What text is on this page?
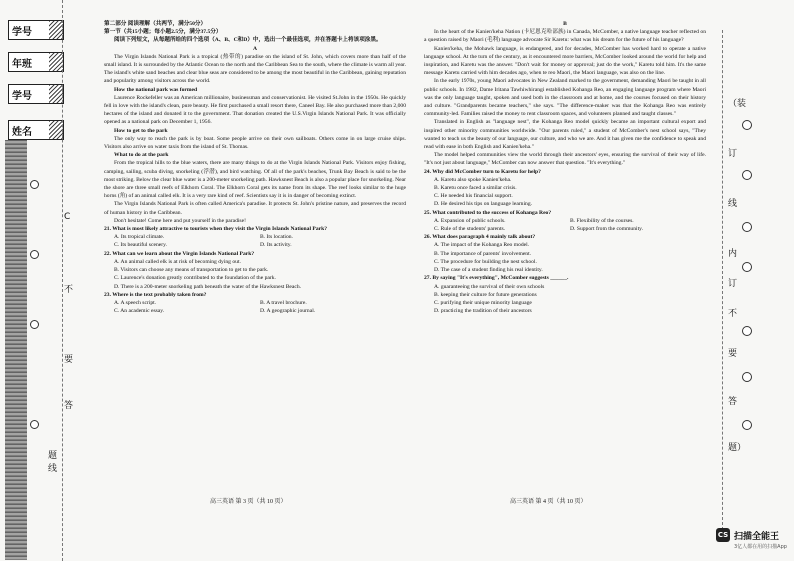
学号
年班
学号
姓名
C
不
要
答
题线

第二部分 阅读理解（共两节，满分50分）

第一节（共15小题；每小题2.5分，满分37.5分）

阅读下列短文，从每题所给的四个选项（A、B、C和D）中，选出一个最佳选项，并在答题卡上将该项涂黑。

A

The Virgin Islands National Park is a tropical (热带的) paradise on the island of St. John, which covers more than half of the small island. It is surrounded by the Atlantic Ocean to the north and the Caribbean Sea to the south, where the climate is warm all year. The island's white sand beaches and clear blue seas are considered to be among the most beautiful in the Caribbean, gaining reputation and popularity among visitors across the world.

How the national park was formed

Laurence Rockefeller was an American millionaire, businessman and conservationist. He visited St.John in the 1950s. He quickly fell in love with the island's clean, pure beauty. He first purchased a small resort there, Caneel Bay. He also purchased more than 2,000 hectares of the island and donated it to the government. That donation created the U.S.Virgin Islands National Park. It was officially opened as a national park on December 1, 1956.

How to get to the park

The only way to reach the park is by boat. Some people arrive on their own sailboats. Others come in on large cruise ships. Visitors also arrive on water taxis from the island of St. Thomas.

What to do at the park

From the tropical hills to the blue waters, there are many things to do at the Virgin Islands National Park. Visitors enjoy fishing, camping, sailing, scuba diving, snorkeling (浮潜), and bird watching. Of all of the park's beaches, Trunk Bay Beach is said to be the most striking. Below the clear blue water is a 200-meter snorkeling path. Hawksnest Beach is also a popular place for snorkeling. Near the shore are three small reefs of Elkhorn Coral. The Elkhorn Coral gets its name from its shape. The reef looks similar to the huge horns (角) of an animal called elk. It is a very rare kind of reef. Scientists say it is in danger of becoming extinct.

The Virgin Islands National Park is often called America's paradise. It protects St. John's pristine nature, and preserves the record of human history in the Caribbean.

Don't hesitate! Come here and put yourself in the paradise!

21. What is most likely attractive to tourists when they visit the Virgin Islands National Park?

A. Its tropical climate.	B. Its location.
C. Its beautiful scenery.	D. Its activity.

22. What can we learn about the Virgin Islands National Park?

A. An animal called elk is at risk of becoming dying out.
B. Visitors can choose any means of transportation to get to the park.
C. Laurence's donation greatly contributed to the foundation of the park.
D. There is a 200-meter snorkeling path beneath the water of the Hawksnest Beach.

23. Where is the text probably taken from?

A. A speech script.	B. A travel brochure.
C. An academic essay.	D. A geographic journal.
高三英语 第 3 页（共 10 页）

B

In the heart of the Kanien'keha Nation (卡尼恩克哈部族) in Canada, McComber, a native language teacher reflected on a question raised by Maori (毛利) language advocate Sir Karetu: what was his dream for the future of his language?

Kanien'keha, the Mohawk language, is endangered, and for decades, McComber has worked hard to operate a native language school. At the turn of the century, as it encountered more barriers, McComber looked around the world for help and inspiration, and Karetu was the answer. "Don't wait for money or approval; just do the work," Karetu told him. It's the same message Karetu carried with him decades ago, when te reo Maori, the Maori language, was also on the line.

In the early 1970s, young Maori advocates in New Zealand marked to the government, demanding Maori be taught in all public schools. In 1982, Dame Iritana Tawhiwhirangi established Kohanga Reo, an engaging language program where Maori was the only language taught, spoken and used both in the classroom and at home, and the courses focused on their history and culture. "Grandparents became teachers," she says. "The difference-maker was that the Kohanga Reo was entirely community-led. Families raised the money to rent classroom spaces, and volunteers planned and taught classes."

Translated in English as "language nest", the Kohanga Reo model quickly became an important cultural export and inspired other minority communities worldwide. "Our parents ruled," a student of McComber's nest school says, "They wanted to teach us the beauty of our language, our culture, and who we are. And it has given me the confidence to speak and read with ease in both English and Kanien'keha."

The model helped communities view the world through their ancestors' eyes, ensuring the survival of their way of life. "It's not just about language," McComber can now answer that question. "It's everything."

24. Why did McComber turn to Karetu for help?

A. Karetu also spoke Kanien'keha.
B. Karetu once faced a similar crisis.
C. He needed his financial support.
D. He desired his tips on language learning.

25. What contributed to the success of Kohanga Reo?

A. Expansion of public schools.	B. Flexibility of the courses.
C. Rule of the students' parents.	D. Support from the community.

26. What does paragraph 4 mainly talk about?

A. The impact of the Kohanga Reo model.
B. The importance of parents' involvement.
C. The procedure for building the nest school.
D. The case of a student finding his real identity.

27. By saying "It's everything", McComber suggests ______.

A. guaranteeing the survival of their own schools
B. keeping their culture for future generations
C. purifying their unique minority language
D. practicing the tradition of their ancestors
高三英语 第 4 页（共 10 页）
（装
订
线
内
订
不
要
答
题）
CS 扫描全能王
3亿人都在用的扫描App
